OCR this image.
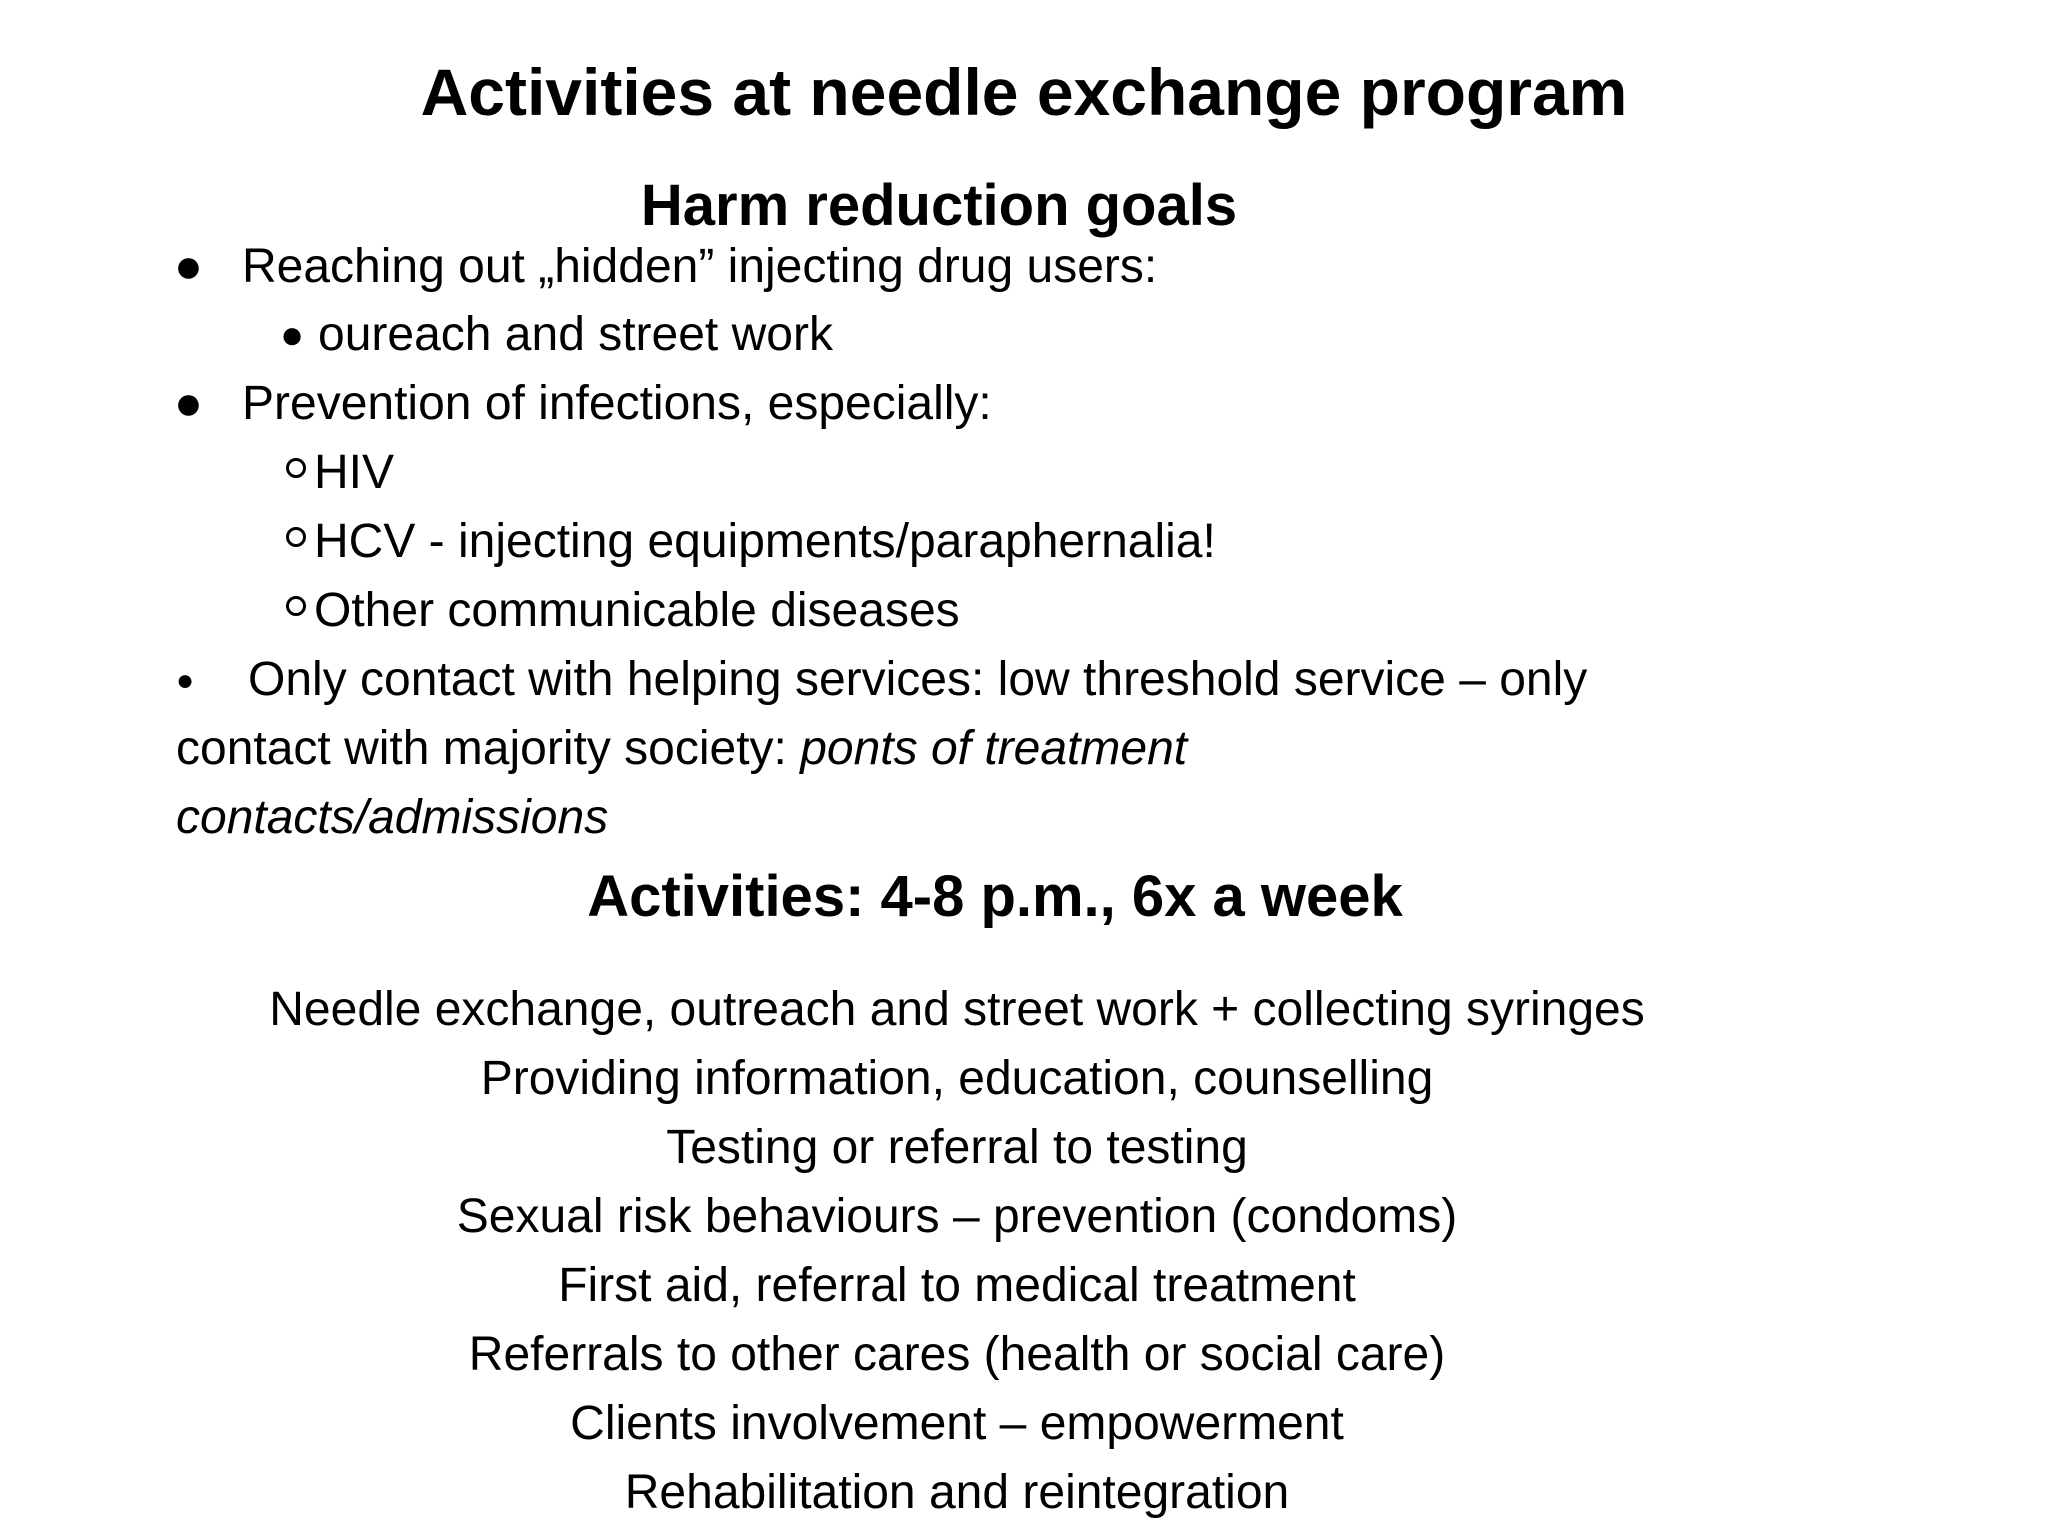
Activities at needle exchange program
Harm reduction goals
● Reaching out „hidden” injecting drug users:
● oureach and street work
● Prevention of infections, especially:
HIV
HCV - injecting equipments/paraphernalia!
Other communicable diseases
● Only contact with helping services: low threshold service – only
contact with majority society: ponts of treatment
contacts/admissions
Activities: 4-8 p.m., 6x a week
Needle exchange, outreach and street work + collecting syringes
Providing information, education, counselling
Testing or referral to testing
Sexual risk behaviours – prevention (condoms)
First aid, referral to medical treatment
Referrals to other cares (health or social care)
Clients involvement – empowerment
Rehabilitation and reintegration
